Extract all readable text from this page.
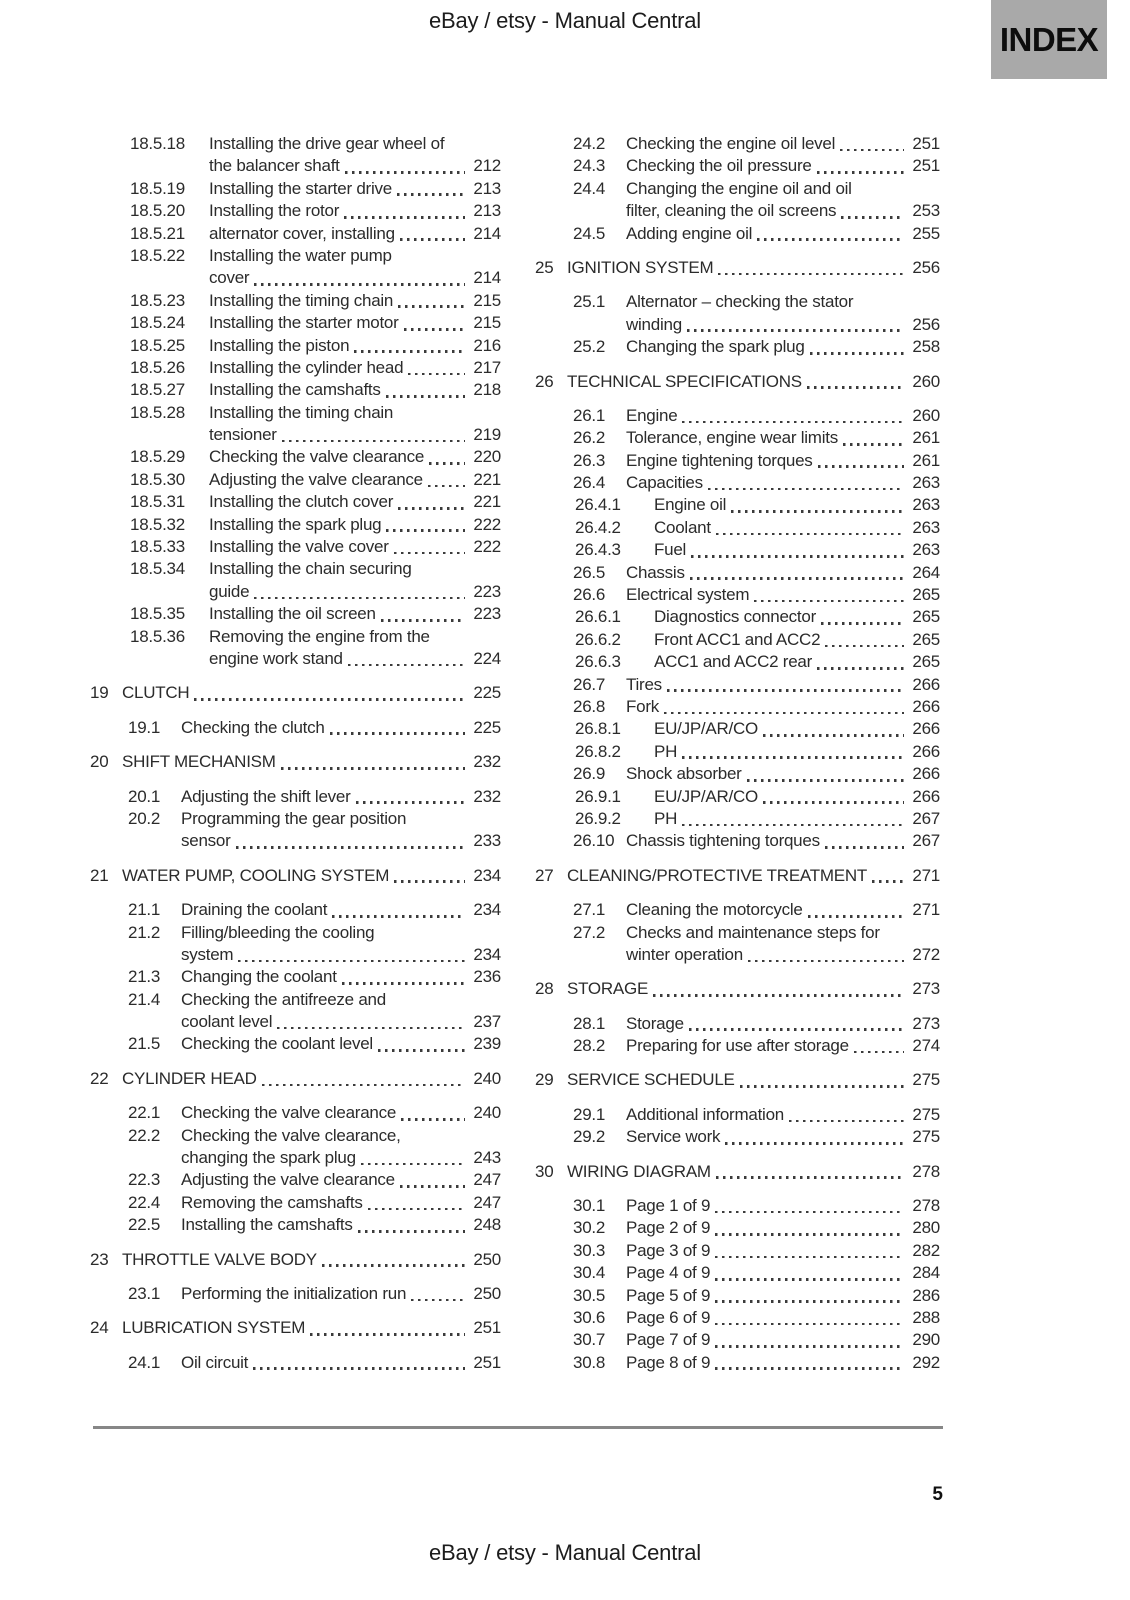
eBay / etsy - Manual Central	INDEX
18.5.18	Installing the drive gear wheel of
the balancer shaft	212
18.5.19	Installing the starter drive	213
18.5.20	Installing the rotor	213
18.5.21	alternator cover, installing	214
18.5.22	Installing the water pump
cover	214
18.5.23	Installing the timing chain	215
18.5.24	Installing the starter motor	215
18.5.25	Installing the piston	216
18.5.26	Installing the cylinder head	217
18.5.27	Installing the camshafts	218
18.5.28	Installing the timing chain
tensioner	219
18.5.29	Checking the valve clearance	220
18.5.30	Adjusting the valve clearance	221
18.5.31	Installing the clutch cover	221
18.5.32	Installing the spark plug	222
18.5.33	Installing the valve cover	222
18.5.34	Installing the chain securing
guide	223
18.5.35	Installing the oil screen	223
18.5.36	Removing the engine from the
engine work stand	224
19 CLUTCH	225
19.1	Checking the clutch	225
20 SHIFT MECHANISM	232
20.1	Adjusting the shift lever	232
20.2	Programming the gear position
sensor	233
21 WATER PUMP, COOLING SYSTEM	234
21.1	Draining the coolant	234
21.2	Filling/bleeding the cooling
system	234
21.3	Changing the coolant	236
21.4	Checking the antifreeze and
coolant level	237
21.5	Checking the coolant level	239
22 CYLINDER HEAD	240
22.1	Checking the valve clearance	240
22.2	Checking the valve clearance,
changing the spark plug	243
22.3	Adjusting the valve clearance	247
22.4	Removing the camshafts	247
22.5	Installing the camshafts	248
23 THROTTLE VALVE BODY	250
23.1	Performing the initialization run	250
24 LUBRICATION SYSTEM	251
24.1	Oil circuit	251
24.2	Checking the engine oil level	251
24.3	Checking the oil pressure	251
24.4	Changing the engine oil and oil
filter, cleaning the oil screens	253
24.5	Adding engine oil	255
25 IGNITION SYSTEM	256
25.1	Alternator – checking the stator
winding	256
25.2	Changing the spark plug	258
26 TECHNICAL SPECIFICATIONS	260
26.1	Engine	260
26.2	Tolerance, engine wear limits	261
26.3	Engine tightening torques	261
26.4	Capacities	263
26.4.1	Engine oil	263
26.4.2	Coolant	263
26.4.3	Fuel	263
26.5	Chassis	264
26.6	Electrical system	265
26.6.1	Diagnostics connector	265
26.6.2	Front ACC1 and ACC2	265
26.6.3	ACC1 and ACC2 rear	265
26.7	Tires	266
26.8	Fork	266
26.8.1	EU/JP/AR/CO	266
26.8.2	PH	266
26.9	Shock absorber	266
26.9.1	EU/JP/AR/CO	266
26.9.2	PH	267
26.10 Chassis tightening torques	267
27 CLEANING/PROTECTIVE TREATMENT	271
27.1	Cleaning the motorcycle	271
27.2	Checks and maintenance steps for
winter operation	272
28 STORAGE	273
28.1	Storage	273
28.2	Preparing for use after storage	274
29 SERVICE SCHEDULE	275
29.1	Additional information	275
29.2	Service work	275
30 WIRING DIAGRAM	278
30.1	Page 1 of 9	278
30.2	Page 2 of 9	280
30.3	Page 3 of 9	282
30.4	Page 4 of 9	284
30.5	Page 5 of 9	286
30.6	Page 6 of 9	288
30.7	Page 7 of 9	290
30.8	Page 8 of 9	292
5
eBay / etsy - Manual Central
